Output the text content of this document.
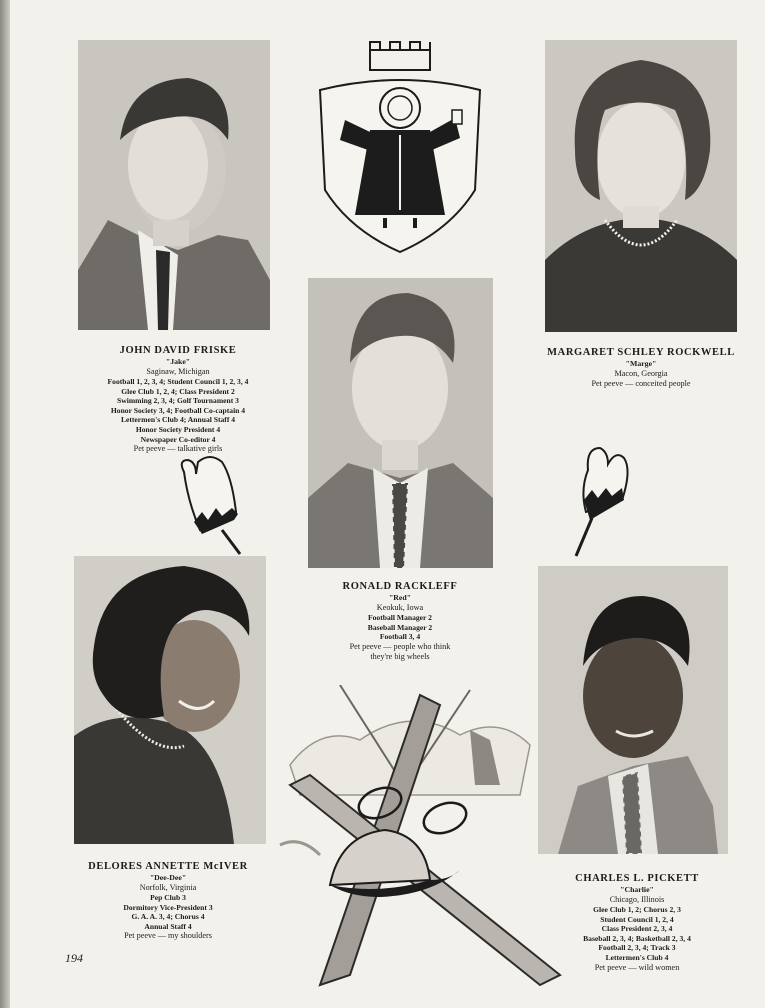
JOHN DAVID FRISKE
"Jake"
Saginaw, Michigan
Football 1, 2, 3, 4; Student Council 1, 2, 3, 4
Glee Club 1, 2, 4; Class President 2
Swimming 2, 3, 4; Golf Tournament 3
Honor Society 3, 4; Football Co-captain 4
Lettermen's Club 4; Annual Staff 4
Honor Society President 4
Newspaper Co-editor 4
Pet peeve — talkative girls
MARGARET SCHLEY ROCKWELL
"Marge"
Macon, Georgia
Pet peeve — conceited people
RONALD RACKLEFF
"Red"
Keokuk, Iowa
Football Manager 2
Baseball Manager 2
Football 3, 4
Pet peeve — people who think
they're big wheels
DELORES ANNETTE McIVER
"Dee-Dee"
Norfolk, Virginia
Pep Club 3
Dormitory Vice-President 3
G. A. A. 3, 4; Chorus 4
Annual Staff 4
Pet peeve — my shoulders
CHARLES L. PICKETT
"Charlie"
Chicago, Illinois
Glee Club 1, 2; Chorus 2, 3
Student Council 1, 2, 4
Class President 2, 3, 4
Baseball 2, 3, 4; Basketball 2, 3, 4
Football 2, 3, 4; Track 3
Lettermen's Club 4
Pet peeve — wild women
194
